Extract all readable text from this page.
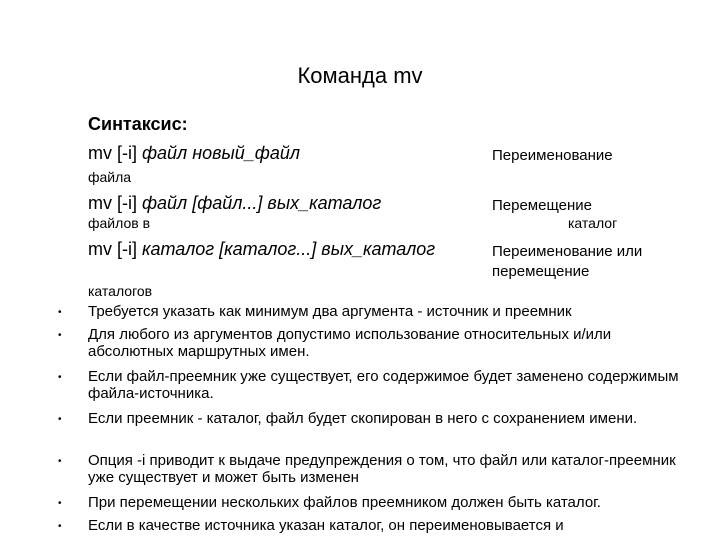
Команда mv
Синтаксис:
mv [-i] файл новый_файл	Переименование
файла
mv [-i] файл [файл...] вых_каталог	Перемещение
файлов в	каталог
mv [-i] каталог [каталог...] вых_каталог	Переименование или
перемещение
каталогов
• Требуется указать как минимум два аргумента - источник и преемник
• Для любого из аргументов допустимо использование относительных и/или абсолютных маршрутных имен.
• Если файл-преемник уже существует, его содержимое будет заменено содержимым файла-источника.
• Если преемник - каталог, файл будет скопирован в него с сохранением имени.
• Опция -i приводит к выдаче предупреждения о том, что файл или каталог-преемник уже существует и может быть изменен
• При перемещении нескольких файлов преемником должен быть каталог.
• Если в качестве источника указан каталог, он переименовывается и
